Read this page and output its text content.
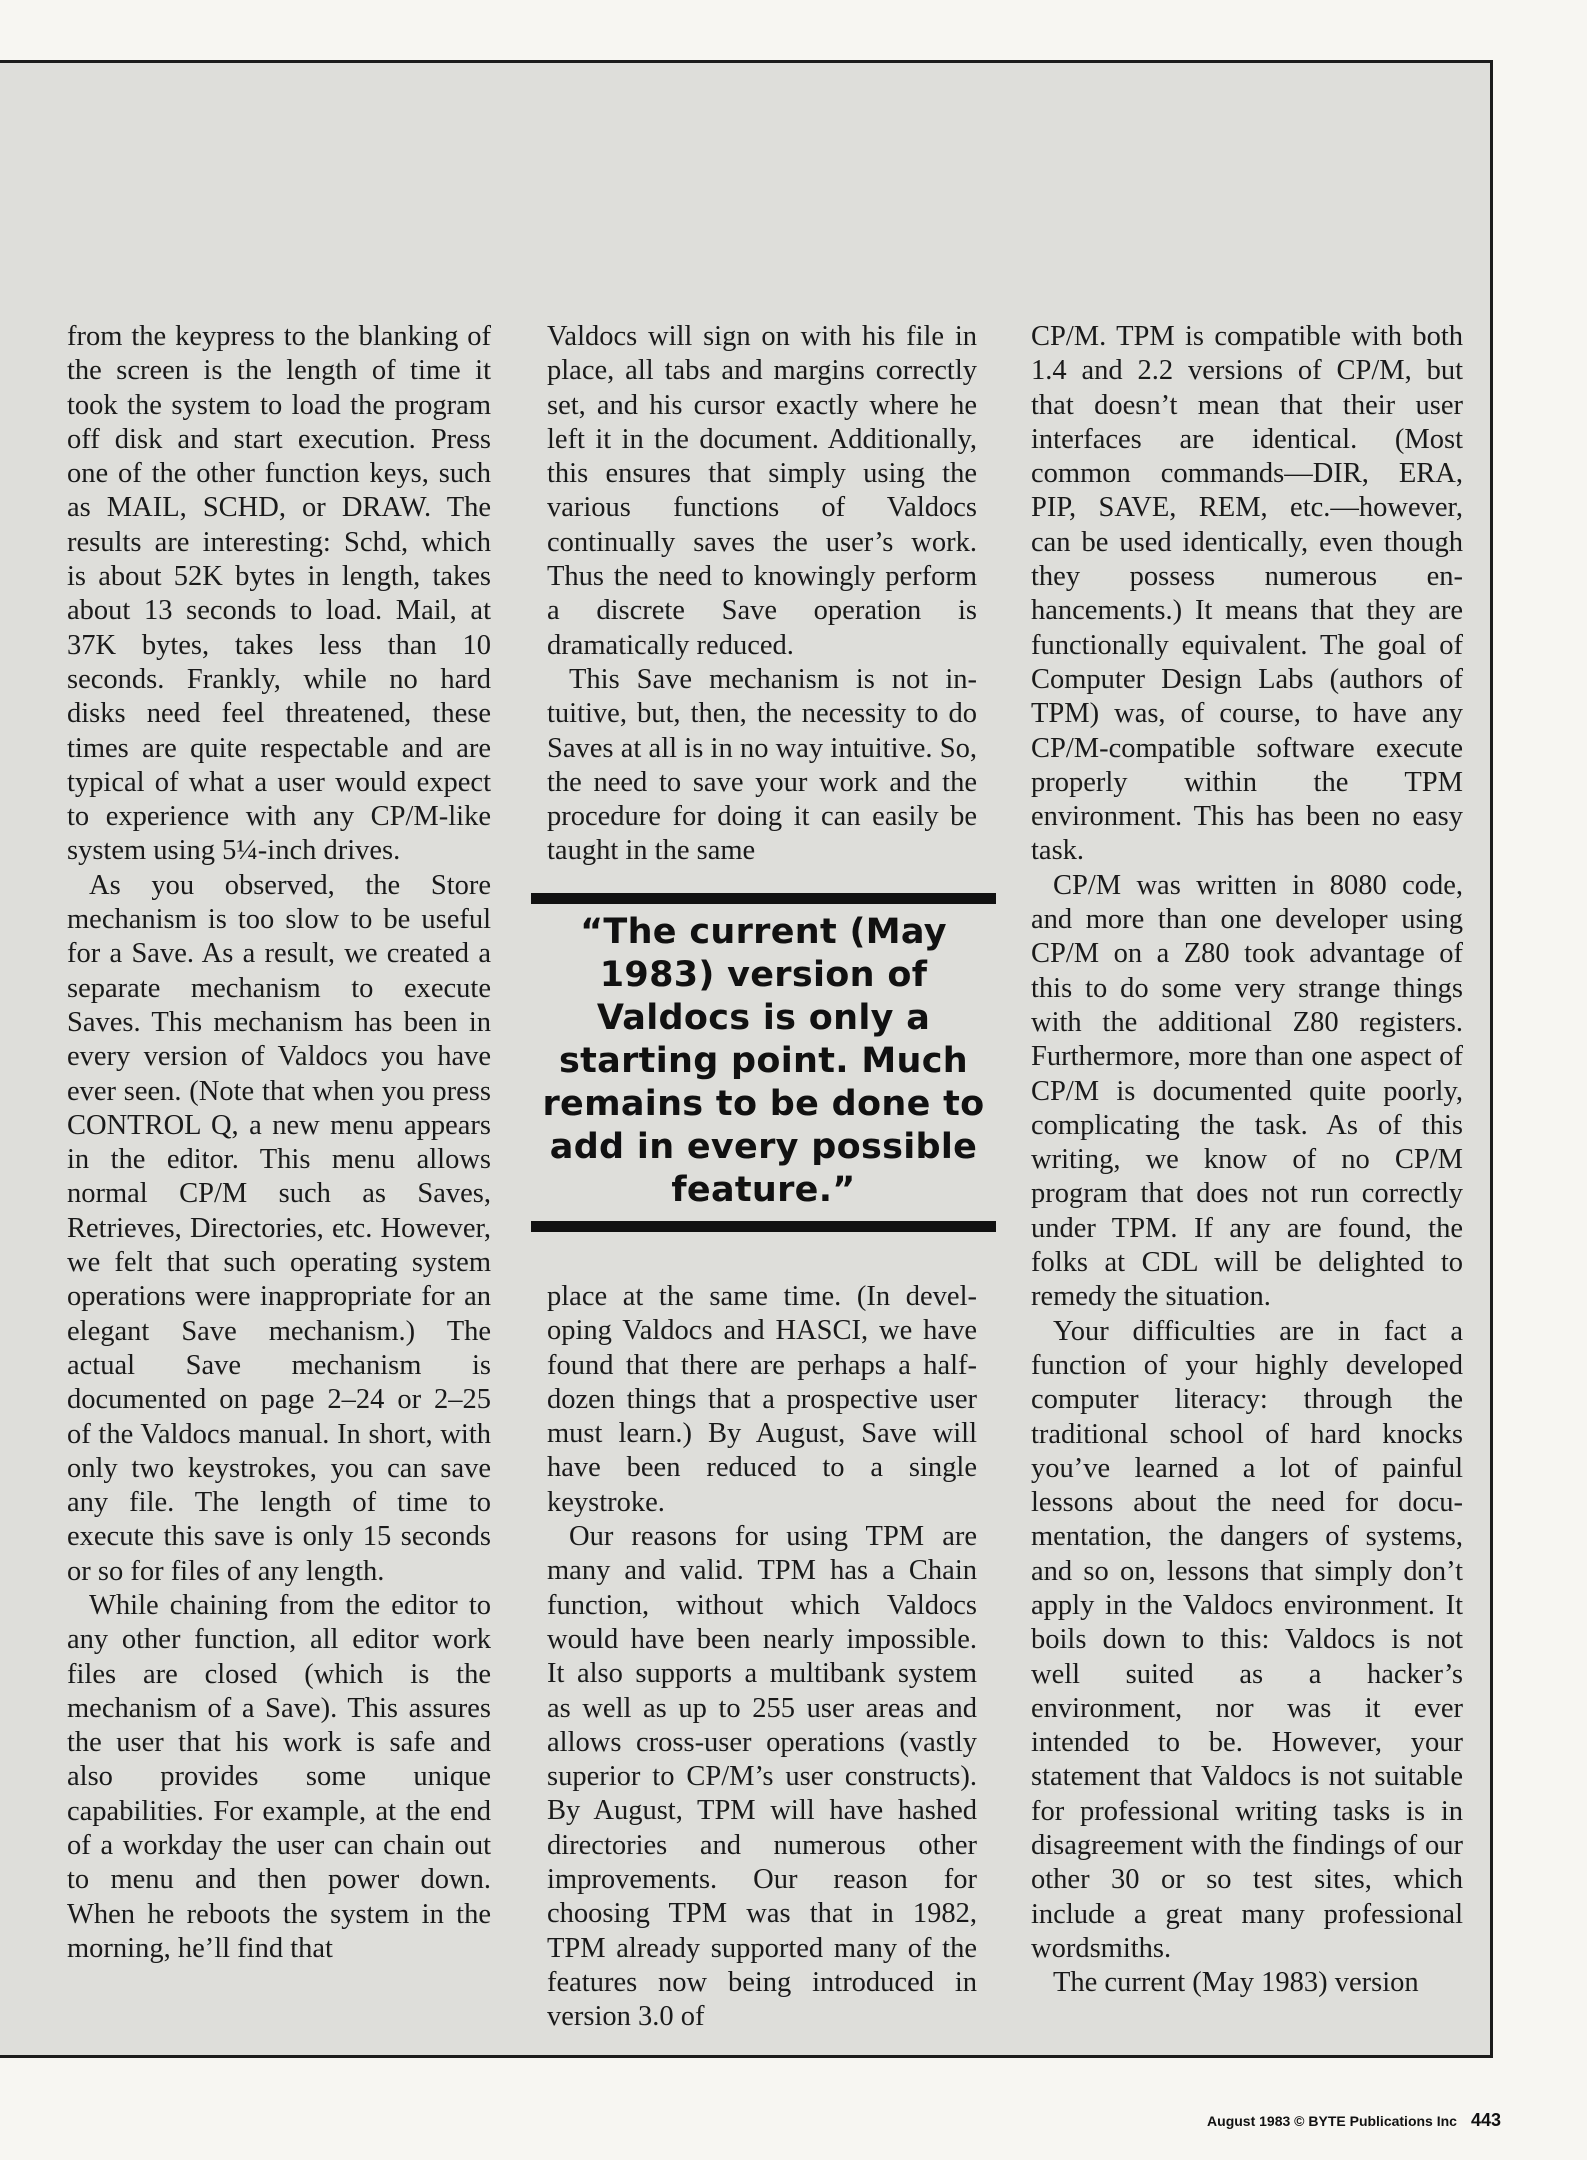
from the keypress to the blanking of the screen is the length of time it took the system to load the program off disk and start execution. Press one of the other function keys, such as MAIL, SCHD, or DRAW. The results are interesting: Schd, which is about 52K bytes in length, takes about 13 seconds to load. Mail, at 37K bytes, takes less than 10 seconds. Frankly, while no hard disks need feel threatened, these times are quite respectable and are typical of what a user would expect to experience with any CP/M-like system using 5¼-inch drives.

As you observed, the Store mechanism is too slow to be useful for a Save. As a result, we created a separate mechanism to execute Saves. This mechanism has been in every version of Valdocs you have ever seen. (Note that when you press CONTROL Q, a new menu appears in the editor. This menu allows normal CP/M such as Saves, Retrieves, Directories, etc. However, we felt that such operating system operations were inappropriate for an elegant Save mechanism.) The actual Save mechanism is documented on page 2–24 or 2–25 of the Valdocs manual. In short, with only two keystrokes, you can save any file. The length of time to execute this save is only 15 seconds or so for files of any length.

While chaining from the editor to any other function, all editor work files are closed (which is the mechanism of a Save). This assures the user that his work is safe and also provides some unique capabilities. For example, at the end of a workday the user can chain out to menu and then power down. When he reboots the system in the morning, he’ll find that

Valdocs will sign on with his file in place, all tabs and margins correctly set, and his cursor exactly where he left it in the document. Additionally, this ensures that simply using the various functions of Valdocs continually saves the user’s work. Thus the need to knowingly perform a discrete Save operation is dramatically reduced.

This Save mechanism is not intuitive, but, then, the necessity to do Saves at all is in no way intuitive. So, the need to save your work and the procedure for doing it can easily be taught in the same

“The current (May 1983) version of Valdocs is only a starting point. Much remains to be done to add in every possible feature.”

place at the same time. (In developing Valdocs and HASCI, we have found that there are perhaps a half-dozen things that a prospective user must learn.) By August, Save will have been reduced to a single keystroke.

Our reasons for using TPM are many and valid. TPM has a Chain function, without which Valdocs would have been nearly impossible. It also supports a multibank system as well as up to 255 user areas and allows cross-user operations (vastly superior to CP/M’s user constructs). By August, TPM will have hashed directories and numerous other improvements. Our reason for choosing TPM was that in 1982, TPM already supported many of the features now being introduced in version 3.0 of

CP/M. TPM is compatible with both 1.4 and 2.2 versions of CP/M, but that doesn’t mean that their user interfaces are identical. (Most common commands—DIR, ERA, PIP, SAVE, REM, etc.—however, can be used identically, even though they possess numerous enhancements.) It means that they are functionally equivalent. The goal of Computer Design Labs (authors of TPM) was, of course, to have any CP/M-compatible software execute properly within the TPM environment. This has been no easy task.

CP/M was written in 8080 code, and more than one developer using CP/M on a Z80 took advantage of this to do some very strange things with the additional Z80 registers. Furthermore, more than one aspect of CP/M is documented quite poorly, complicating the task. As of this writing, we know of no CP/M program that does not run correctly under TPM. If any are found, the folks at CDL will be delighted to remedy the situation.

Your difficulties are in fact a function of your highly developed computer literacy: through the traditional school of hard knocks you’ve learned a lot of painful lessons about the need for documentation, the dangers of systems, and so on, lessons that simply don’t apply in the Valdocs environment. It boils down to this: Valdocs is not well suited as a hacker’s environment, nor was it ever intended to be. However, your statement that Valdocs is not suitable for professional writing tasks is in disagreement with the findings of our other 30 or so test sites, which include a great many professional wordsmiths.

The current (May 1983) version

August 1983 © BYTE Publications Inc 443
